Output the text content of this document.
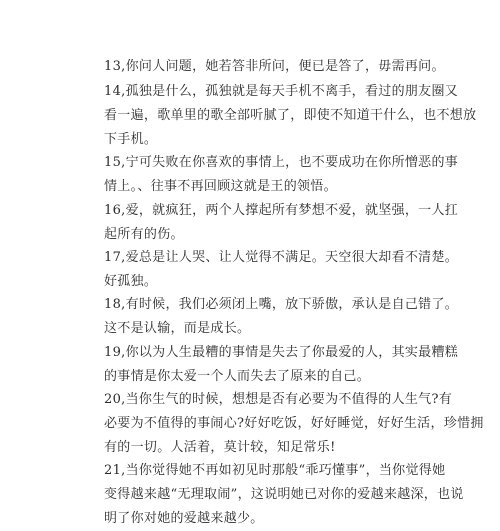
13,你问人问题，她若答非所问，便已是答了，毋需再问。

14,孤独是什么，孤独就是每天手机不离手，看过的朋友圈又
看一遍，歌单里的歌全部听腻了，即使不知道干什么，也不想放
下手机。

15,宁可失败在你喜欢的事情上，也不要成功在你所憎恶的事
情上。、往事不再回顾这就是王的领悟。

16,爱，就疯狂，两个人撑起所有梦想不爱，就坚强，一人扛
起所有的伤。

17,爱总是让人哭、让人觉得不满足。天空很大却看不清楚。
好孤独。

18,有时候，我们必须闭上嘴，放下骄傲，承认是自己错了。
这不是认输，而是成长。

19,你以为人生最糟的事情是失去了你最爱的人，其实最糟糕
的事情是你太爱一个人而失去了原来的自己。

20,当你生气的时候，想想是否有必要为不值得的人生气?有
必要为不值得的事闹心?好好吃饭，好好睡觉，好好生活，珍惜拥
有的一切。人活着，莫计较，知足常乐!

21,当你觉得她不再如初见时那般“乖巧懂事”，当你觉得她
变得越来越“无理取闹”，这说明她已对你的爱越来越深，也说
明了你对她的爱越来越少。
